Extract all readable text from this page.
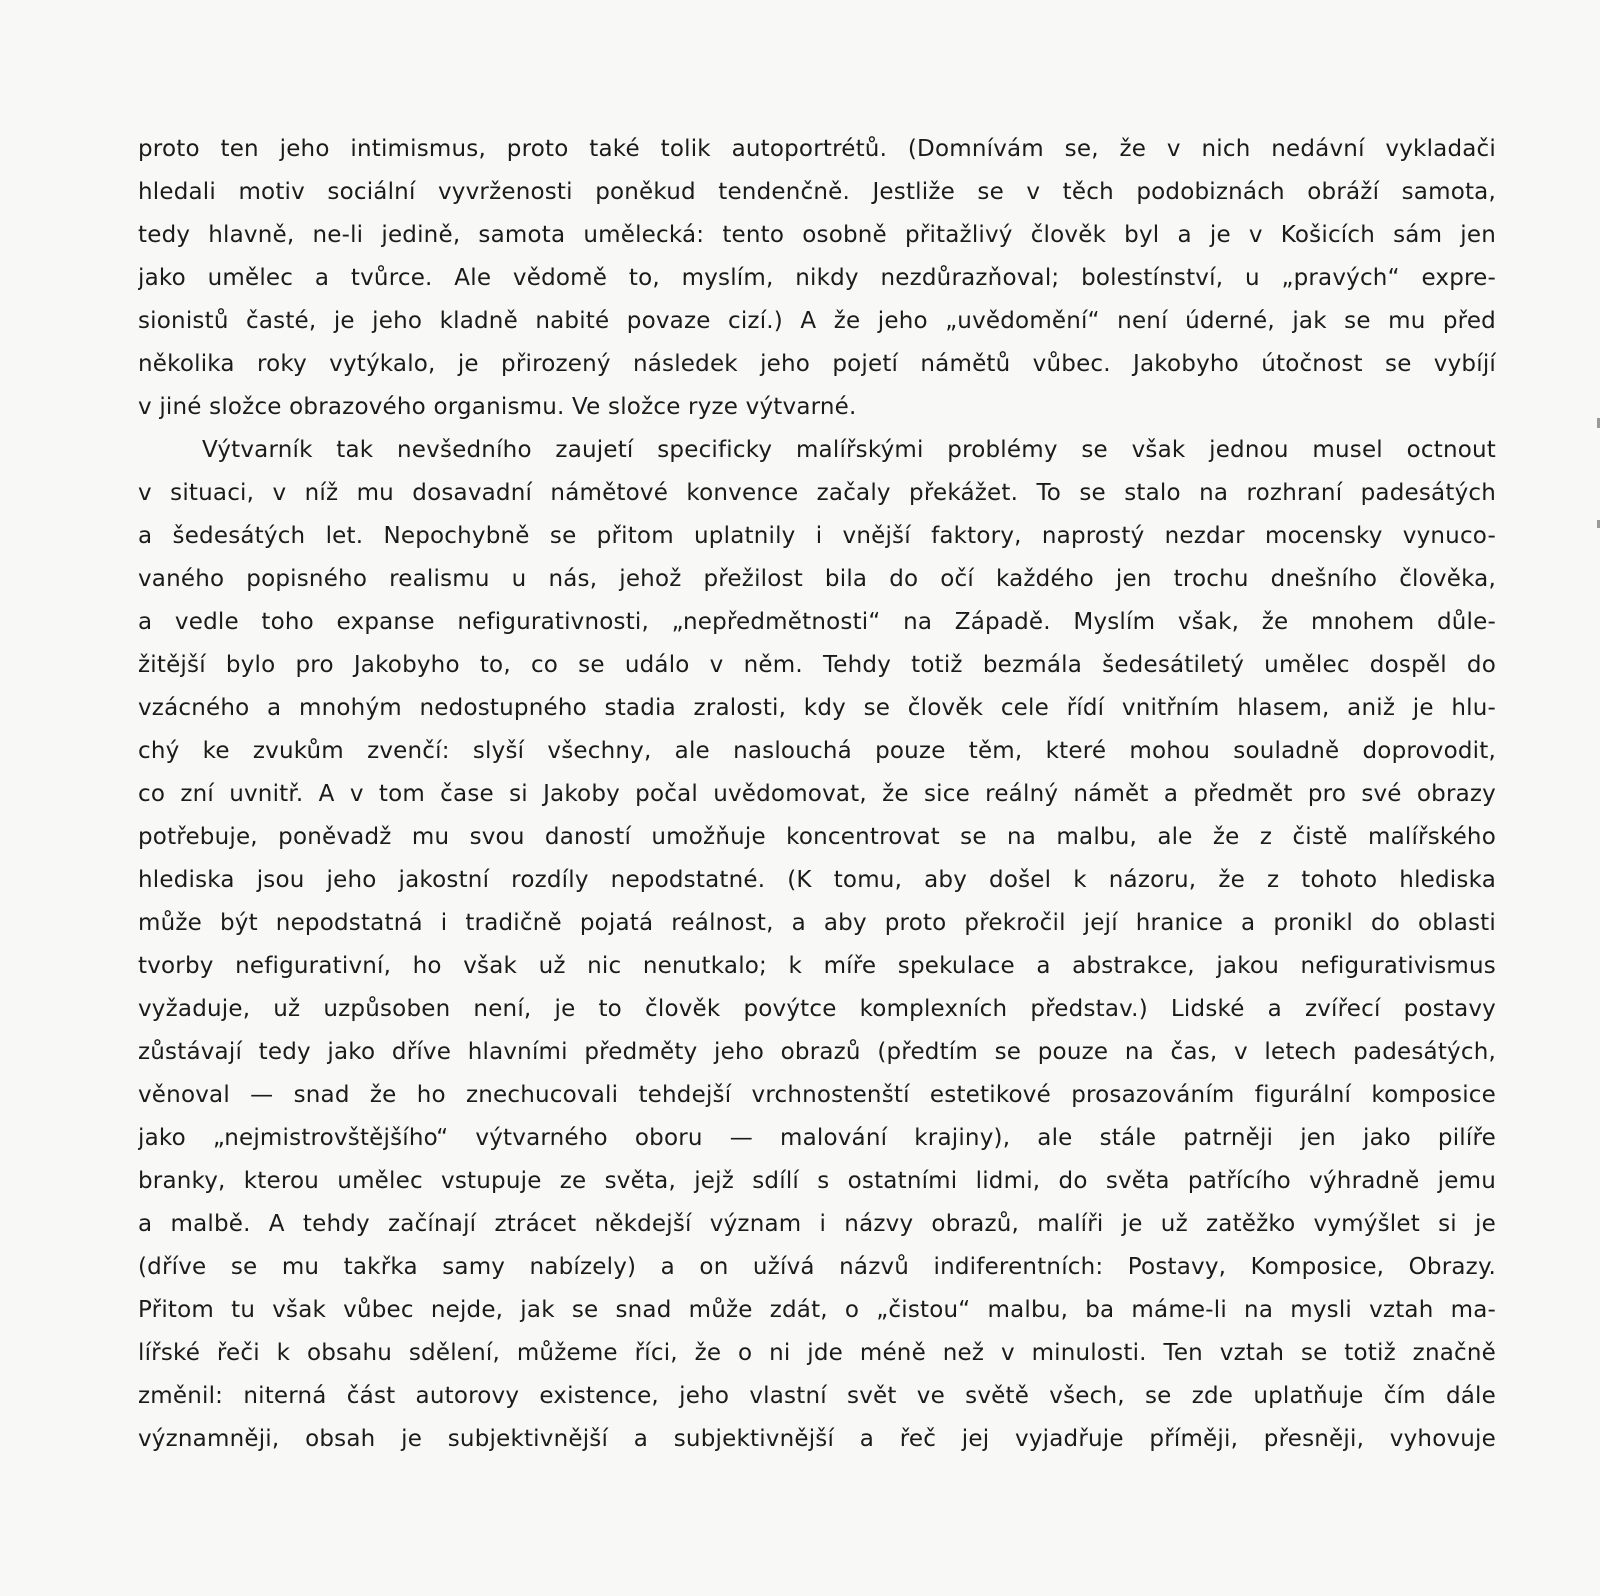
proto ten jeho intimismus, proto také tolik autoportrétů. (Domnívám se, že v nich nedávní vykladači
hledali motiv sociální vyvrženosti poněkud tendenčně. Jestliže se v těch podobiznách obráží samota,
tedy hlavně, ne-li jedině, samota umělecká: tento osobně přitažlivý člověk byl a je v Košicích sám jen
jako umělec a tvůrce. Ale vědomě to, myslím, nikdy nezdůrazňoval; bolestínství, u „pravých“ expre-
sionistů časté, je jeho kladně nabité povaze cizí.) A že jeho „uvědomění“ není úderné, jak se mu před
několika roky vytýkalo, je přirozený následek jeho pojetí námětů vůbec. Jakobyho útočnost se vybíjí
v jiné složce obrazového organismu. Ve složce ryze výtvarné.
Výtvarník tak nevšedního zaujetí specificky malířskými problémy se však jednou musel octnout
v situaci, v níž mu dosavadní námětové konvence začaly překážet. To se stalo na rozhraní padesátých
a šedesátých let. Nepochybně se přitom uplatnily i vnější faktory, naprostý nezdar mocensky vynuco-
vaného popisného realismu u nás, jehož přežilost bila do očí každého jen trochu dnešního člověka,
a vedle toho expanse nefigurativnosti, „nepředmětnosti“ na Západě. Myslím však, že mnohem důle-
žitější bylo pro Jakobyho to, co se událo v něm. Tehdy totiž bezmála šedesátiletý umělec dospěl do
vzácného a mnohým nedostupného stadia zralosti, kdy se člověk cele řídí vnitřním hlasem, aniž je hlu-
chý ke zvukům zvenčí: slyší všechny, ale naslouchá pouze těm, které mohou souladně doprovodit,
co zní uvnitř. A v tom čase si Jakoby počal uvědomovat, že sice reálný námět a předmět pro své obrazy
potřebuje, poněvadž mu svou daností umožňuje koncentrovat se na malbu, ale že z čistě malířského
hlediska jsou jeho jakostní rozdíly nepodstatné. (K tomu, aby došel k názoru, že z tohoto hlediska
může být nepodstatná i tradičně pojatá reálnost, a aby proto překročil její hranice a pronikl do oblasti
tvorby nefigurativní, ho však už nic nenutkalo; k míře spekulace a abstrakce, jakou nefigurativismus
vyžaduje, už uzpůsoben není, je to člověk povýtce komplexních představ.) Lidské a zvířecí postavy
zůstávají tedy jako dříve hlavními předměty jeho obrazů (předtím se pouze na čas, v letech padesátých,
věnoval — snad že ho znechucovali tehdejší vrchnostenští estetikové prosazováním figurální komposice
jako „nejmistrovštějšího“ výtvarného oboru — malování krajiny), ale stále patrněji jen jako pilíře
branky, kterou umělec vstupuje ze světa, jejž sdílí s ostatními lidmi, do světa patřícího výhradně jemu
a malbě. A tehdy začínají ztrácet někdejší význam i názvy obrazů, malíři je už zatěžko vymýšlet si je
(dříve se mu takřka samy nabízely) a on užívá názvů indiferentních: Postavy, Komposice, Obrazy.
Přitom tu však vůbec nejde, jak se snad může zdát, o „čistou“ malbu, ba máme-li na mysli vztah ma-
lířské řeči k obsahu sdělení, můžeme říci, že o ni jde méně než v minulosti. Ten vztah se totiž značně
změnil: niterná část autorovy existence, jeho vlastní svět ve světě všech, se zde uplatňuje čím dále
významněji, obsah je subjektivnější a subjektivnější a řeč jej vyjadřuje příměji, přesněji, vyhovuje
